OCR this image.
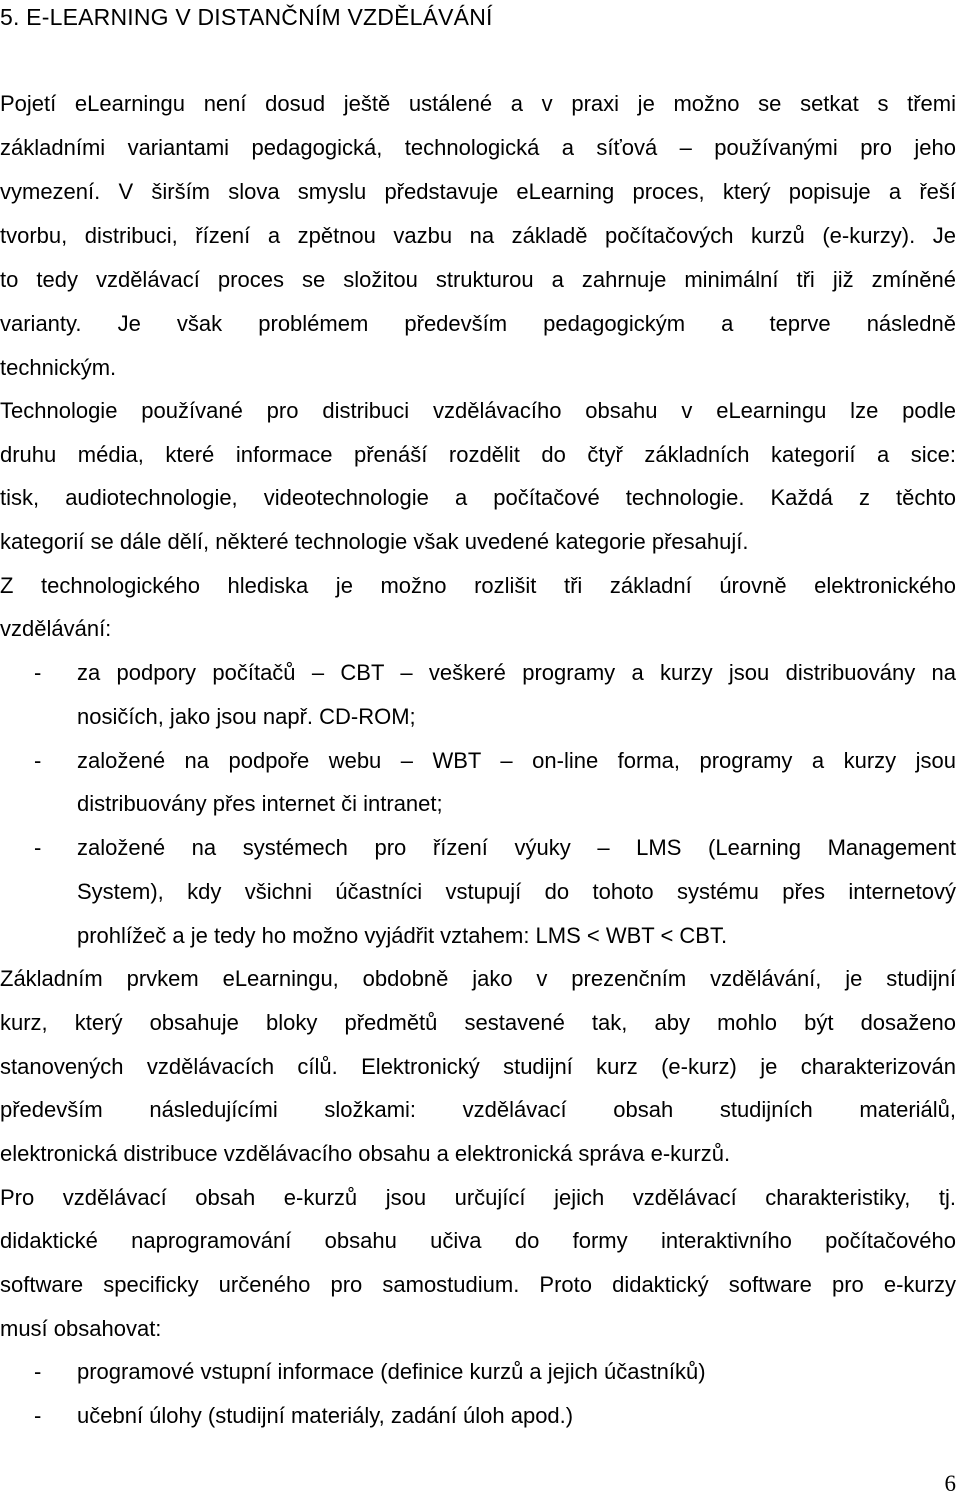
5. E-LEARNING V DISTANČNÍM VZDĚLÁVÁNÍ
Pojetí eLearningu není dosud ještě ustálené a v praxi je možno se setkat s třemi
základními variantami pedagogická, technologická a síťová – používanými pro jeho
vymezení. V širším slova smyslu představuje eLearning proces, který popisuje a řeší
tvorbu, distribuci, řízení a zpětnou vazbu na základě počítačových kurzů (e-kurzy). Je
to tedy vzdělávací proces se složitou strukturou a zahrnuje minimální tři již zmíněné
varianty. Je však problémem především pedagogickým a teprve následně
technickým.
Technologie používané pro distribuci vzdělávacího obsahu v eLearningu lze podle
druhu média, které informace přenáší rozdělit do čtyř základních kategorií a sice:
tisk, audiotechnologie, videotechnologie a počítačové technologie. Každá z těchto
kategorií se dále dělí, některé technologie však uvedené kategorie přesahují.
Z technologického hlediska je možno rozlišit tři základní úrovně elektronického
vzdělávání:
- za podpory počítačů – CBT – veškeré programy a kurzy jsou distribuovány na
nosičích, jako jsou např. CD-ROM;
- založené na podpoře webu – WBT – on-line forma, programy a kurzy jsou
distribuovány přes internet či intranet;
- založené na systémech pro řízení výuky – LMS (Learning Management
System), kdy všichni účastníci vstupují do tohoto systému přes internetový
prohlížeč a je tedy ho možno vyjádřit vztahem: LMS < WBT < CBT.
Základním prvkem eLearningu, obdobně jako v prezenčním vzdělávání, je studijní
kurz, který obsahuje bloky předmětů sestavené tak, aby mohlo být dosaženo
stanovených vzdělávacích cílů. Elektronický studijní kurz (e-kurz) je charakterizován
především následujícími složkami: vzdělávací obsah studijních materiálů,
elektronická distribuce vzdělávacího obsahu a elektronická správa e-kurzů.
Pro vzdělávací obsah e-kurzů jsou určující jejich vzdělávací charakteristiky, tj.
didaktické naprogramování obsahu učiva do formy interaktivního počítačového
software specificky určeného pro samostudium. Proto didaktický software pro e-kurzy
musí obsahovat:
- programové vstupní informace (definice kurzů a jejich účastníků)
- učební úlohy (studijní materiály, zadání úloh apod.)
6
